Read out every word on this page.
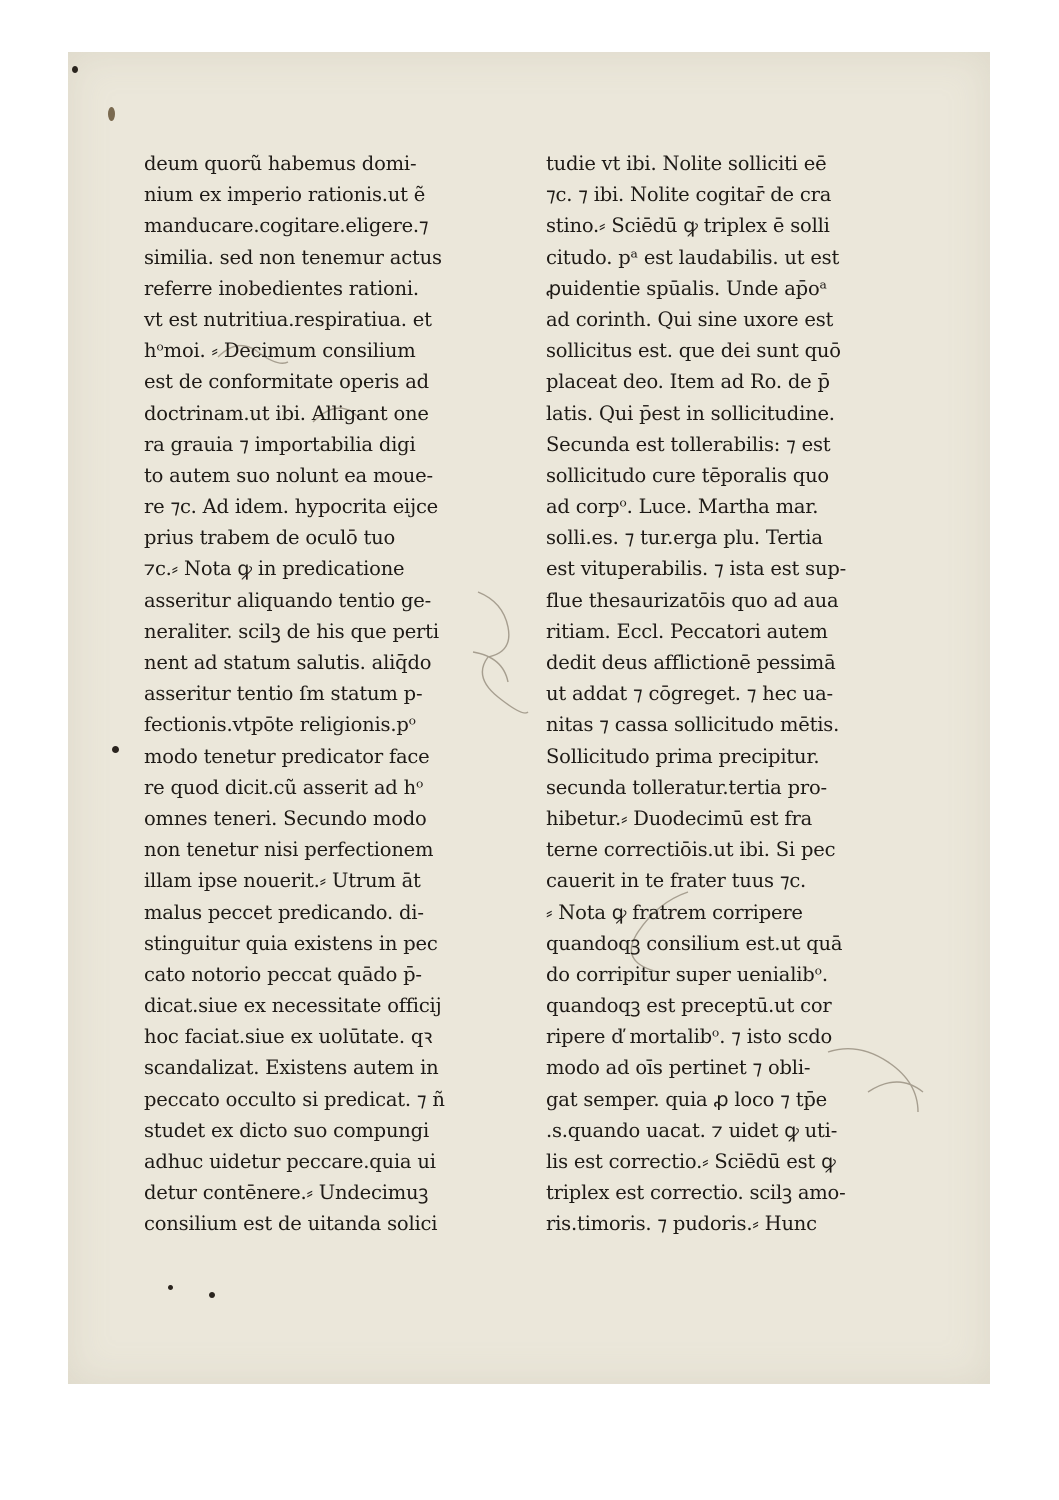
deum quorũ habemus domi-
nium ex imperio rationis.ut ẽ
manducare.cogitare.eligere.⁊
similia. sed non tenemur actus
referre inobedientes rationi.
vt est nutritiua.respiratiua. et
hᵒmoi. ⸗ Decimum consilium
est de conformitate operis ad
doctrinam.ut ibi. Alligant one
ra grauia ⁊ importabilia digi
to autem suo nolunt ea moue-
re ⁊c. Ad idem. hypocrita eijce
prius trabem de oculō tuo
⁊c.⸗ Nota ꝙ in predicatione
asseritur aliquando tentio ge-
neraliter. scilꝫ de his que perti
nent ad statum salutis. aliq̄do
asseritur tentio ſm statum p-
fectionis.vtpōte religionis.pᵒ
modo tenetur predicator face
re quod dicit.cũ asserit ad hᵒ
omnes teneri. Secundo modo
non tenetur nisi perfectionem
illam ipse nouerit.⸗ Utrum āt
malus peccet predicando. di-
stinguitur quia existens in pec
cato notorio peccat quādo p̄-
dicat.siue ex necessitate officij
hoc faciat.siue ex uolūtate. qꝛ
scandalizat. Existens autem in
peccato occulto si predicat. ⁊ ñ
studet ex dicto suo compungi
adhuc uidetur peccare.quia ui
detur contēnere.⸗ Undecimuꝫ
consilium est de uitanda solici
tudie vt ibi. Nolite solliciti eē
⁊c. ⁊ ibi. Nolite cogitar̄ de cra
stino.⸗ Sciēdū ꝙ triplex ē solli
citudo. pᵃ est laudabilis. ut est
ꝓuidentie spūalis. Unde ap̄oᵃ
ad corinth. Qui sine uxore est
sollicitus est. que dei sunt quō
placeat deo. Item ad Ro. de p̄
latis. Qui p̄est in sollicitudine.
Secunda est tollerabilis: ⁊ est
sollicitudo cure tēporalis quo
ad corpᵒ. Luce. Martha mar.
solli.es. ⁊ tur.erga plu. Tertia
est vituperabilis. ⁊ ista est sup-
flue thesaurizatōis quo ad aua
ritiam. Eccl. Peccatori autem
dedit deus afflictionē pessimā
ut addat ⁊ cōgreget. ⁊ hec ua-
nitas ⁊ cassa sollicitudo mētis.
Sollicitudo prima precipitur.
secunda tolleratur.tertia pro-
hibetur.⸗ Duodecimū est fra
terne correctiōis.ut ibi. Si pec
cauerit in te frater tuus ⁊c.
⸗ Nota ꝙ fratrem corripere
quandoqꝫ consilium est.ut quā
do corripitur super uenialibᵒ.
quandoqꝫ est preceptū.ut cor
ripere ď mortalibᵒ. ⁊ isto scdo
modo ad oīs pertinet ⁊ obli-
gat semper. quia ꝓ loco ⁊ tp̄e
.s.quando uacat. ⁊ uidet ꝙ uti-
lis est correctio.⸗ Sciēdū est ꝙ
triplex est correctio. scilꝫ amo-
ris.timoris. ⁊ pudoris.⸗ Hunc
